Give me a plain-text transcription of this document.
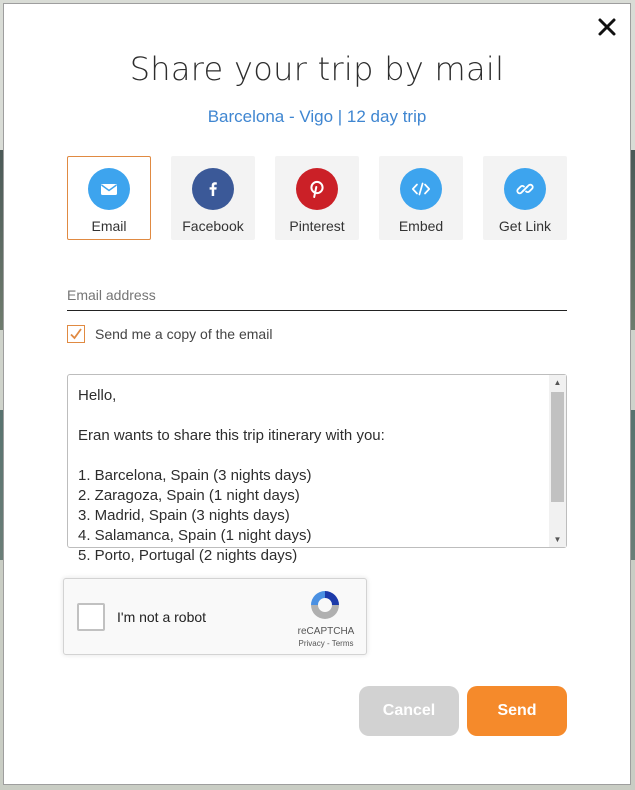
Share your trip by mail
Barcelona - Vigo | 12 day trip
Email	Facebook	Pinterest	Embed	Get Link
Email address
Send me a copy of the email
Hello,

Eran wants to share this trip itinerary with you:

1. Barcelona, Spain (3 nights days)
2. Zaragoza, Spain (1 night days)
3. Madrid, Spain (3 nights days)
4. Salamanca, Spain (1 night days)
5. Porto, Portugal (2 nights days)
▲
▼
I'm not a robot
reCAPTCHA
Privacy - Terms
Cancel	Send
